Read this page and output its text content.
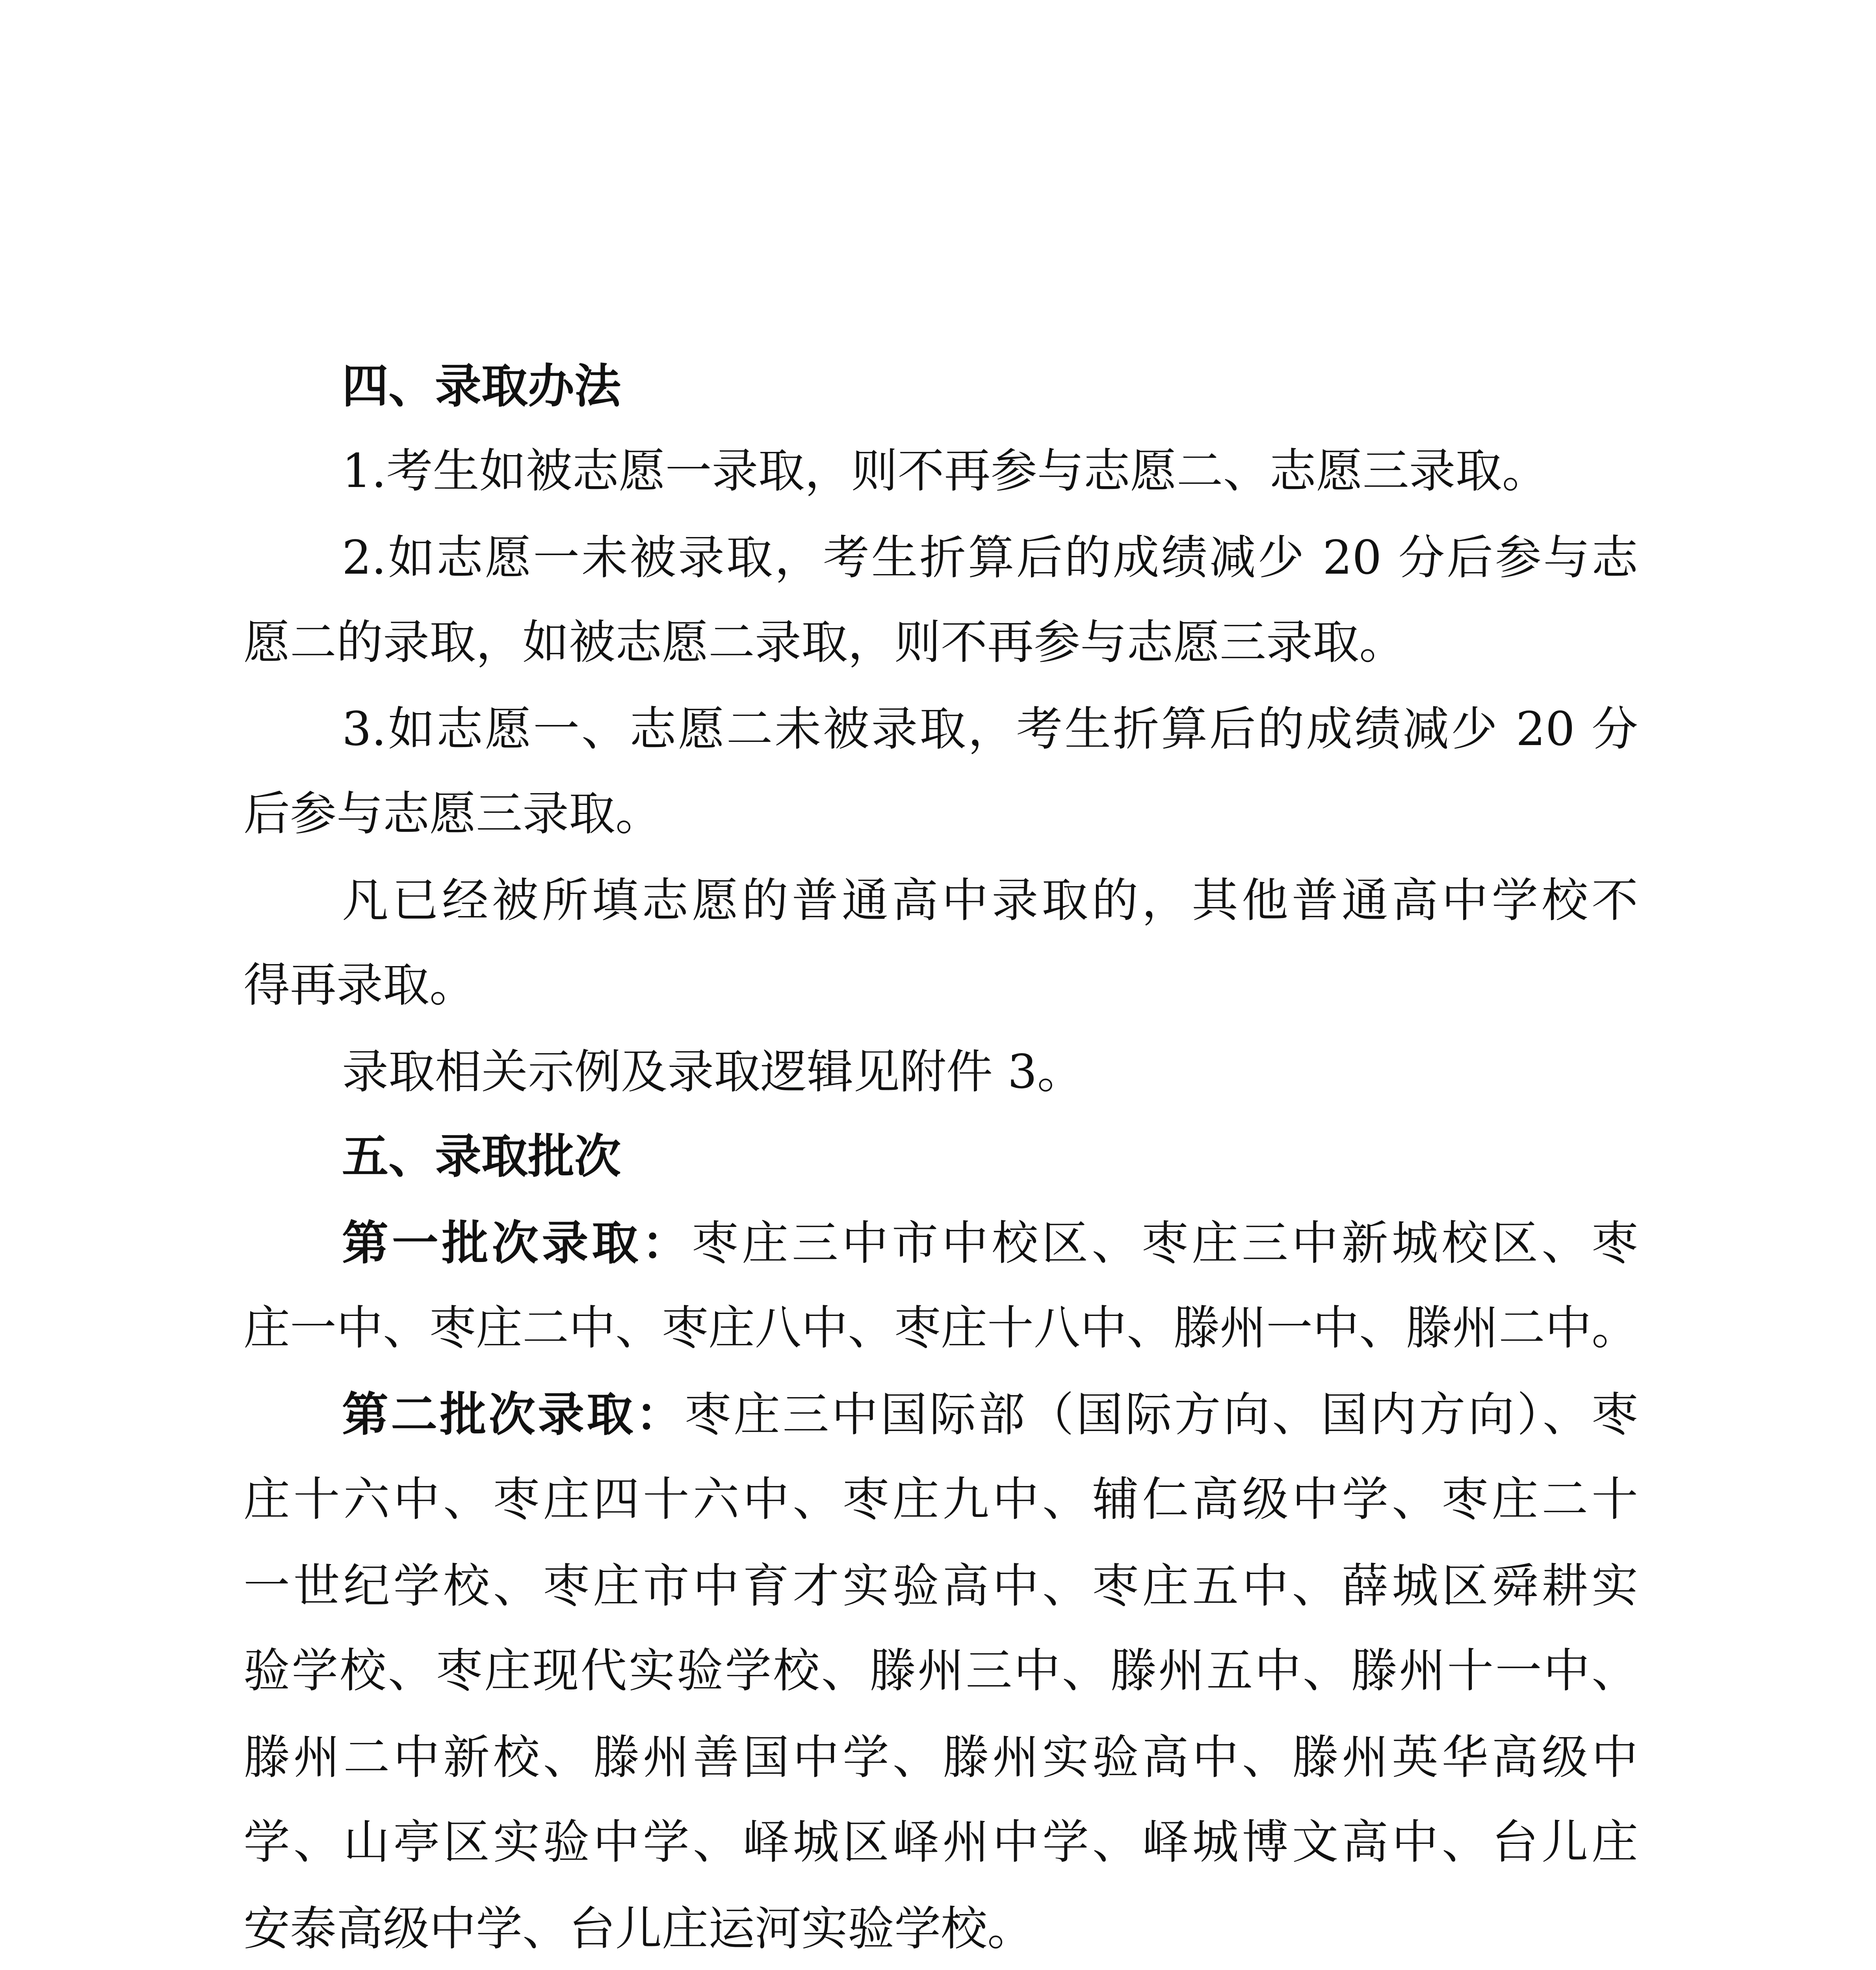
四、录取办法
1.考生如被志愿一录取，则不再参与志愿二、志愿三录取。
2.如志愿一未被录取，考生折算后的成绩减少 20 分后参与志
愿二的录取，如被志愿二录取，则不再参与志愿三录取。
3.如志愿一、志愿二未被录取，考生折算后的成绩减少 20 分
后参与志愿三录取。
凡已经被所填志愿的普通高中录取的，其他普通高中学校不
得再录取。
录取相关示例及录取逻辑见附件 3。
五、录取批次
第一批次录取：枣庄三中市中校区、枣庄三中新城校区、枣
庄一中、枣庄二中、枣庄八中、枣庄十八中、滕州一中、滕州二中。
第二批次录取：枣庄三中国际部（国际方向、国内方向）、枣
庄十六中、枣庄四十六中、枣庄九中、辅仁高级中学、枣庄二十
一世纪学校、枣庄市中育才实验高中、枣庄五中、薛城区舜耕实
验学校、枣庄现代实验学校、滕州三中、滕州五中、滕州十一中、
滕州二中新校、滕州善国中学、滕州实验高中、滕州英华高级中
学、山亭区实验中学、峄城区峄州中学、峄城博文高中、台儿庄
安泰高级中学、台儿庄运河实验学校。
